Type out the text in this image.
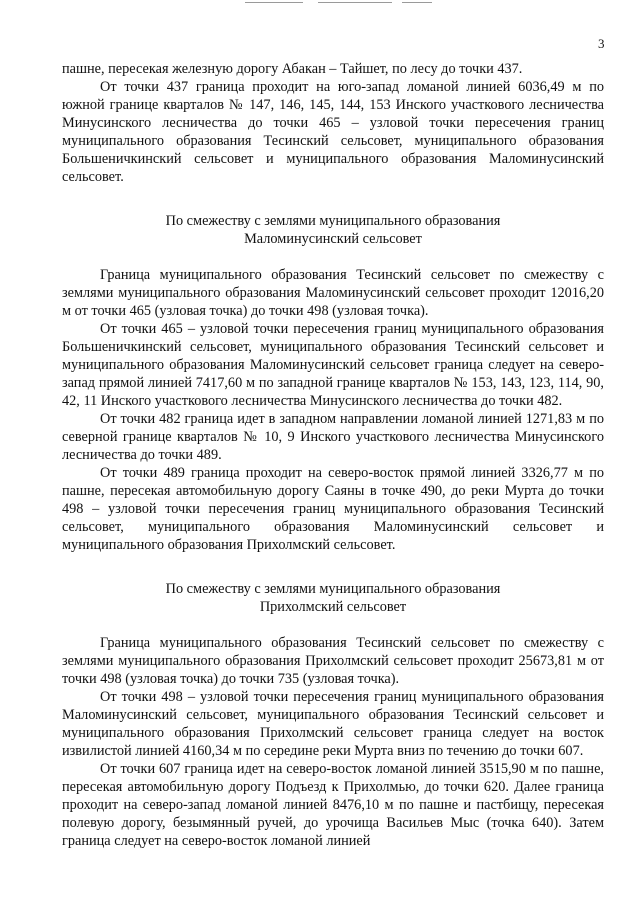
3

пашне, пересекая железную дорогу Абакан – Тайшет, по лесу до точки 437.

От точки 437 граница проходит на юго-запад ломаной линией 6036,49 м по южной границе кварталов № 147, 146, 145, 144, 153 Инского участкового лесничества Минусинского лесничества до точки 465 – узловой точки пересечения границ муниципального образования Тесинский сельсовет, муниципального образования Большеничкинский сельсовет и муниципального образования Маломинусинский сельсовет.

По смежеству с землями муниципального образования

Маломинусинский сельсовет

Граница муниципального образования Тесинский сельсовет по смежеству с землями муниципального образования Маломинусинский сельсовет проходит 12016,20 м от точки 465 (узловая точка) до точки 498 (узловая точка).

От точки 465 – узловой точки пересечения границ муниципального образования Большеничкинский сельсовет, муниципального образования Тесинский сельсовет и муниципального образования Маломинусинский сельсовет граница следует на северо-запад прямой линией 7417,60 м по западной границе кварталов № 153, 143, 123, 114, 90, 42, 11 Инского участкового лесничества Минусинского лесничества до точки 482.

От точки 482 граница идет в западном направлении ломаной линией 1271,83 м по северной границе кварталов № 10, 9 Инского участкового лесничества Минусинского лесничества до точки 489.

От точки 489 граница проходит на северо-восток прямой линией 3326,77 м по пашне, пересекая автомобильную дорогу Саяны в точке 490, до реки Мурта до точки 498 – узловой точки пересечения границ муниципального образования Тесинский сельсовет, муниципального образования Маломинусинский сельсовет и муниципального образования Прихолмский сельсовет.

По смежеству с землями муниципального образования

Прихолмский сельсовет

Граница муниципального образования Тесинский сельсовет по смежеству с землями муниципального образования Прихолмский сельсовет проходит 25673,81 м от точки 498 (узловая точка) до точки 735 (узловая точка).

От точки 498 – узловой точки пересечения границ муниципального образования Маломинусинский сельсовет, муниципального образования Тесинский сельсовет и муниципального образования Прихолмский сельсовет граница следует на восток извилистой линией 4160,34 м по середине реки Мурта вниз по течению до точки 607.

От точки 607 граница идет на северо-восток ломаной линией 3515,90 м по пашне, пересекая автомобильную дорогу Подъезд к Прихолмью, до точки 620. Далее граница проходит на северо-запад ломаной линией 8476,10 м по пашне и пастбищу, пересекая полевую дорогу, безымянный ручей, до урочища Васильев Мыс (точка 640). Затем граница следует на северо-восток ломаной линией
